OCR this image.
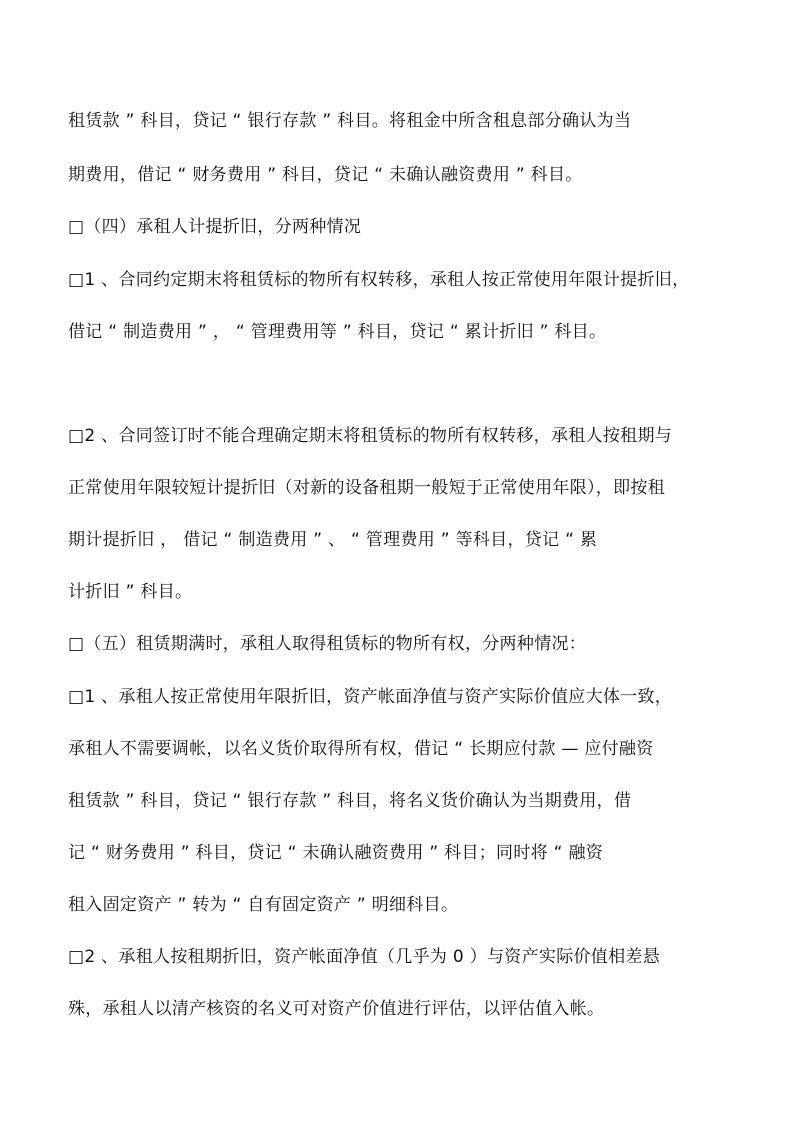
租赁款 ” 科目，贷记 “ 银行存款 ” 科目。将租金中所含租息部分确认为当
期费用，借记 “ 财务费用 ” 科目，贷记 “ 未确认融资费用 ” 科目。
□（四）承租人计提折旧，分两种情况
□1 、合同约定期末将租赁标的物所有权转移，承租人按正常使用年限计提折旧，
借记 “ 制造费用 ” ， “ 管理费用等 ” 科目，贷记 “ 累计折旧 ” 科目。
□2 、合同签订时不能合理确定期末将租赁标的物所有权转移，承租人按租期与
正常使用年限较短计提折旧（对新的设备租期一般短于正常使用年限），即按租
期计提折旧 ， 借记 “ 制造费用 ” 、 “ 管理费用 ” 等科目，贷记 “ 累
计折旧 ” 科目。
□（五）租赁期满时，承租人取得租赁标的物所有权，分两种情况：
□1 、承租人按正常使用年限折旧，资产帐面净值与资产实际价值应大体一致，
承租人不需要调帐，以名义货价取得所有权，借记 “ 长期应付款 — 应付融资
租赁款 ” 科目，贷记 “ 银行存款 ” 科目，将名义货价确认为当期费用，借
记 “ 财务费用 ” 科目，贷记 “ 未确认融资费用 ” 科目；同时将 “ 融资
租入固定资产 ” 转为 “ 自有固定资产 ” 明细科目。
□2 、承租人按租期折旧，资产帐面净值（几乎为 0 ）与资产实际价值相差悬
殊，承租人以清产核资的名义可对资产价值进行评估，以评估值入帐。
